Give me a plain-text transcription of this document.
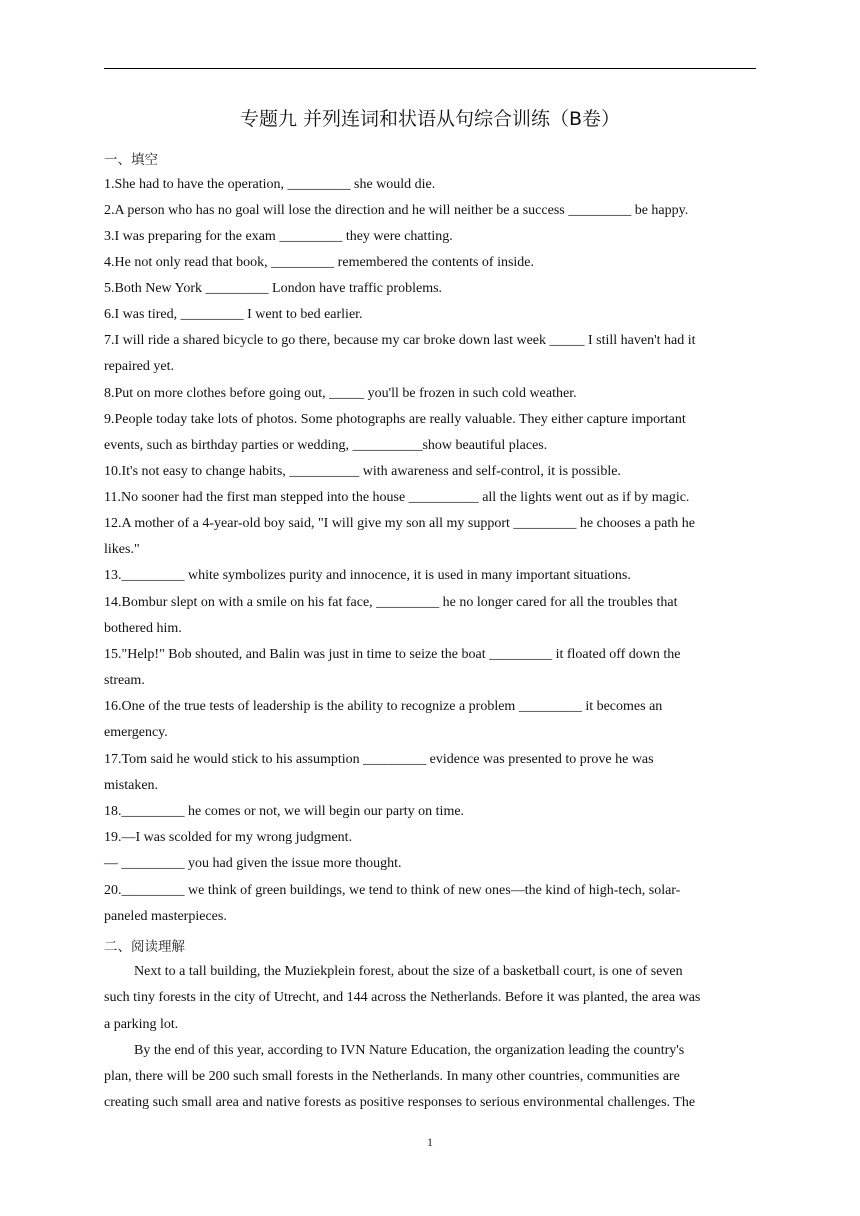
专题九 并列连词和状语从句综合训练（B卷）
一、填空
1.She had to have the operation, _________ she would die.
2.A person who has no goal will lose the direction and he will neither be a success _________ be happy.
3.I was preparing for the exam _________ they were chatting.
4.He not only read that book, _________ remembered the contents of inside.
5.Both New York _________ London have traffic problems.
6.I was tired, _________ I went to bed earlier.
7.I will ride a shared bicycle to go there, because my car broke down last week _____ I still haven't had it
repaired yet.
8.Put on more clothes before going out, _____ you'll be frozen in such cold weather.
9.People today take lots of photos. Some photographs are really valuable. They either capture important
events, such as birthday parties or wedding, __________show beautiful places.
10.It's not easy to change habits, __________ with awareness and self-control, it is possible.
11.No sooner had the first man stepped into the house __________ all the lights went out as if by magic.
12.A mother of a 4-year-old boy said, "I will give my son all my support _________ he chooses a path he
likes."
13._________ white symbolizes purity and innocence, it is used in many important situations.
14.Bombur slept on with a smile on his fat face, _________ he no longer cared for all the troubles that
bothered him.
15."Help!" Bob shouted, and Balin was just in time to seize the boat _________ it floated off down the
stream.
16.One of the true tests of leadership is the ability to recognize a problem _________ it becomes an
emergency.
17.Tom said he would stick to his assumption _________ evidence was presented to prove he was
mistaken.
18._________ he comes or not, we will begin our party on time.
19.—I was scolded for my wrong judgment.
— _________ you had given the issue more thought.
20._________ we think of green buildings, we tend to think of new ones—the kind of high-tech, solar-
paneled masterpieces.
二、阅读理解
Next to a tall building, the Muziekplein forest, about the size of a basketball court, is one of seven
such tiny forests in the city of Utrecht, and 144 across the Netherlands. Before it was planted, the area was
a parking lot.
By the end of this year, according to IVN Nature Education, the organization leading the country's
plan, there will be 200 such small forests in the Netherlands. In many other countries, communities are
creating such small area and native forests as positive responses to serious environmental challenges. The
1
